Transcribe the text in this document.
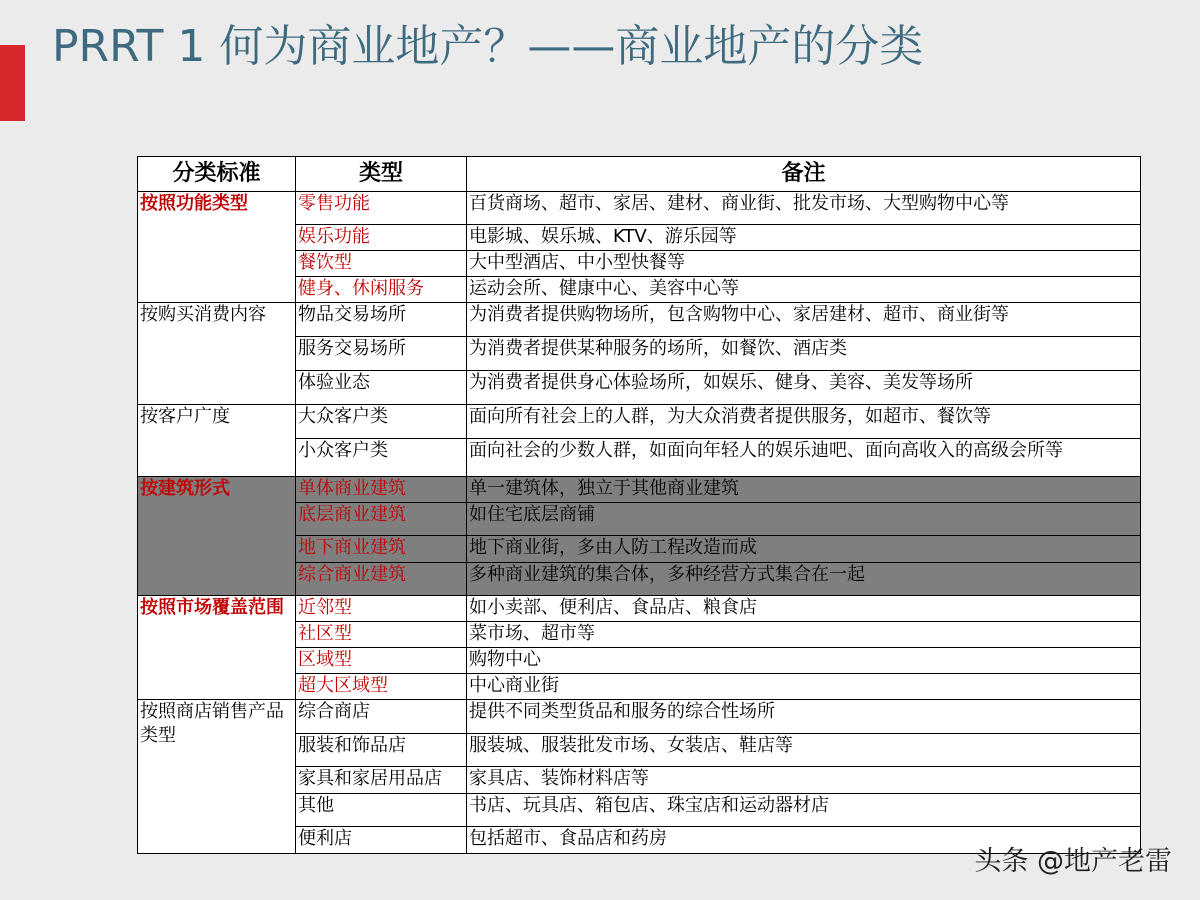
PRRT 1 何为商业地产？——商业地产的分类
分类标准	类型	备注
按照功能类型	零售功能	百货商场、超市、家居、建材、商业街、批发市场、大型购物中心等
	娱乐功能	电影城、娱乐城、KTV、游乐园等
	餐饮型	大中型酒店、中小型快餐等
	健身、休闲服务	运动会所、健康中心、美容中心等
按购买消费内容	物品交易场所	为消费者提供购物场所，包含购物中心、家居建材、超市、商业街等
	服务交易场所	为消费者提供某种服务的场所，如餐饮、酒店类
	体验业态	为消费者提供身心体验场所，如娱乐、健身、美容、美发等场所
按客户广度	大众客户类	面向所有社会上的人群，为大众消费者提供服务，如超市、餐饮等
	小众客户类	面向社会的少数人群，如面向年轻人的娱乐迪吧、面向高收入的高级会所等
按建筑形式	单体商业建筑	单一建筑体，独立于其他商业建筑
	底层商业建筑	如住宅底层商铺
	地下商业建筑	地下商业街，多由人防工程改造而成
	综合商业建筑	多种商业建筑的集合体，多种经营方式集合在一起
按照市场覆盖范围	近邻型	如小卖部、便利店、食品店、粮食店
	社区型	菜市场、超市等
	区域型	购物中心
	超大区域型	中心商业街
按照商店销售产品类型	综合商店	提供不同类型货品和服务的综合性场所
	服装和饰品店	服装城、服装批发市场、女装店、鞋店等
	家具和家居用品店	家具店、装饰材料店等
	其他	书店、玩具店、箱包店、珠宝店和运动器材店
	便利店	包括超市、食品店和药房
头条 @地产老雷
